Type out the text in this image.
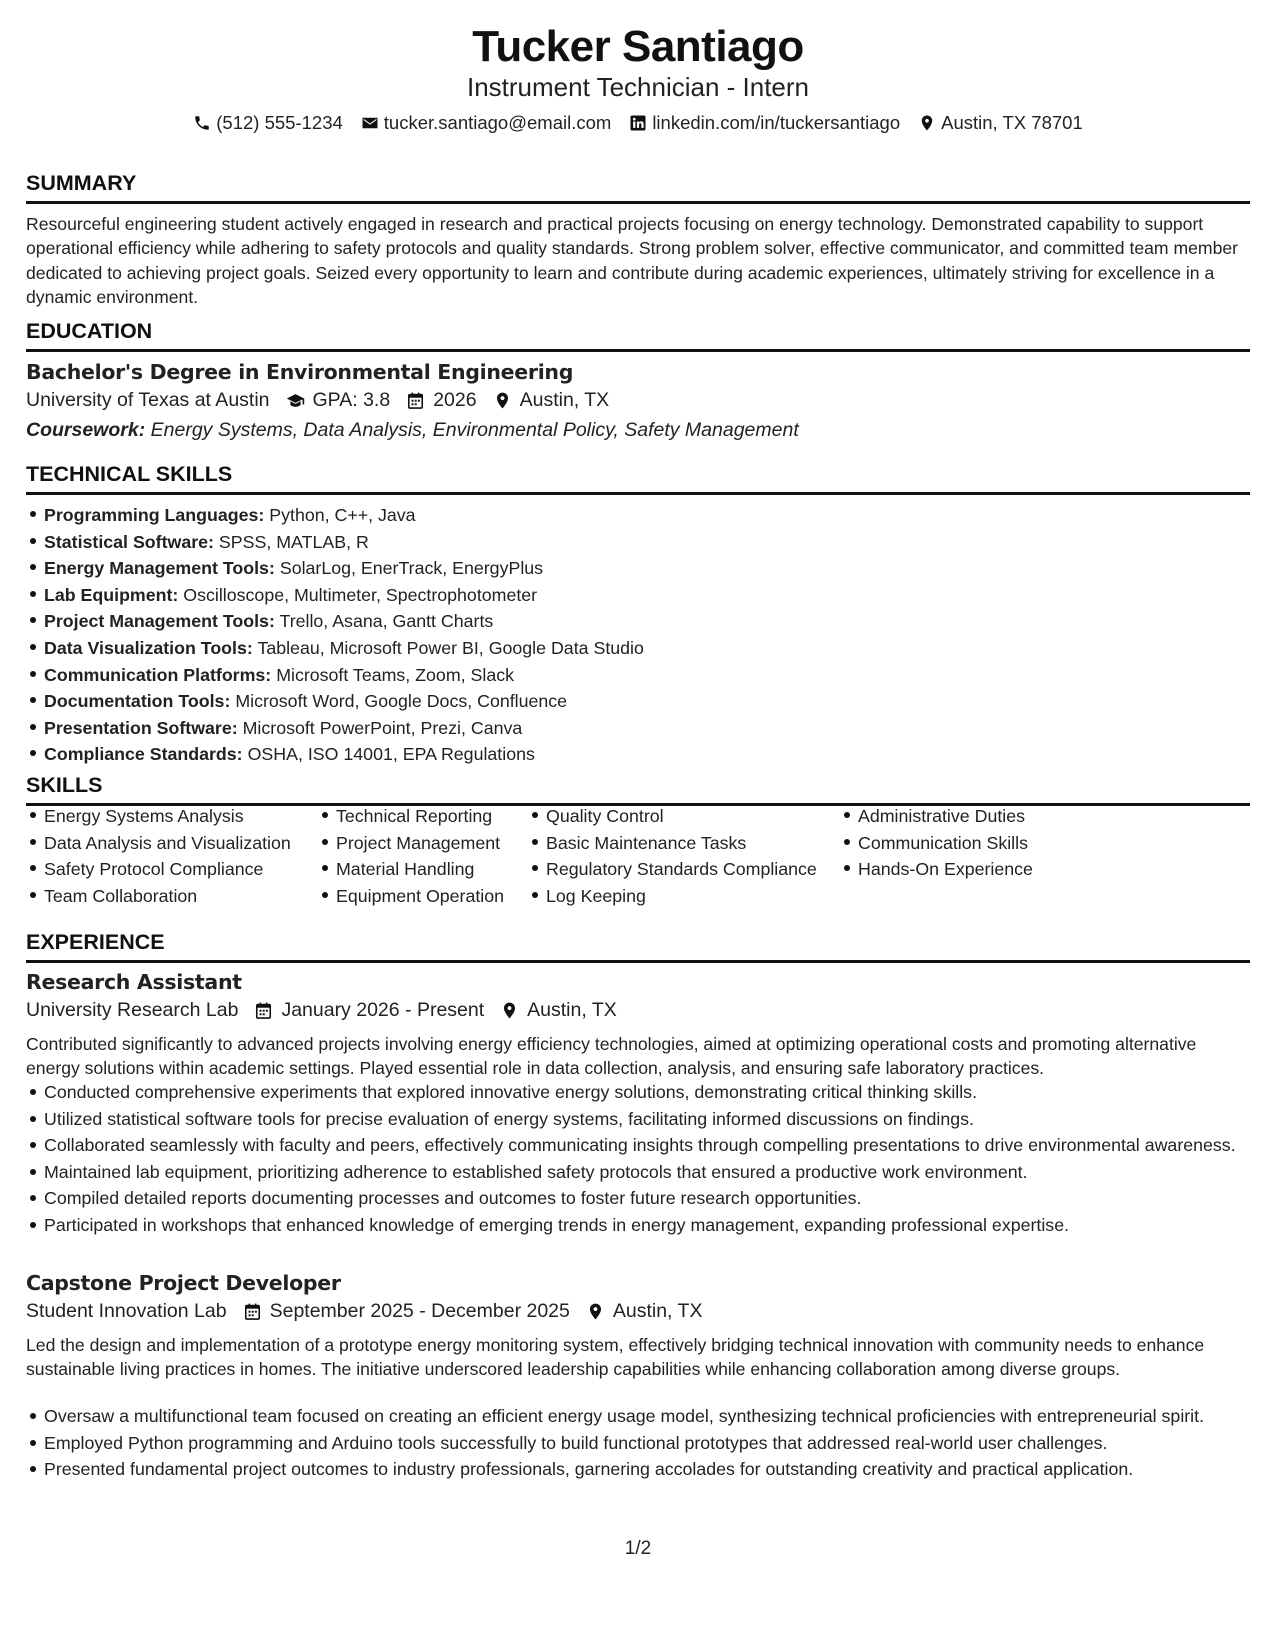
Tucker Santiago
Instrument Technician - Intern
(512) 555-1234 tucker.santiago@email.com linkedin.com/in/tuckersantiago Austin, TX 78701
SUMMARY
Resourceful engineering student actively engaged in research and practical projects focusing on energy technology. Demonstrated capability to support operational efficiency while adhering to safety protocols and quality standards. Strong problem solver, effective communicator, and committed team member dedicated to achieving project goals. Seized every opportunity to learn and contribute during academic experiences, ultimately striving for excellence in a dynamic environment.
EDUCATION
Bachelor's Degree in Environmental Engineering
University of Texas at Austin GPA: 3.8 2026 Austin, TX
Coursework: Energy Systems, Data Analysis, Environmental Policy, Safety Management
TECHNICAL SKILLS
Programming Languages: Python, C++, Java
Statistical Software: SPSS, MATLAB, R
Energy Management Tools: SolarLog, EnerTrack, EnergyPlus
Lab Equipment: Oscilloscope, Multimeter, Spectrophotometer
Project Management Tools: Trello, Asana, Gantt Charts
Data Visualization Tools: Tableau, Microsoft Power BI, Google Data Studio
Communication Platforms: Microsoft Teams, Zoom, Slack
Documentation Tools: Microsoft Word, Google Docs, Confluence
Presentation Software: Microsoft PowerPoint, Prezi, Canva
Compliance Standards: OSHA, ISO 14001, EPA Regulations
SKILLS
Energy Systems Analysis
Data Analysis and Visualization
Safety Protocol Compliance
Team Collaboration
Technical Reporting
Project Management
Material Handling
Equipment Operation
Quality Control
Basic Maintenance Tasks
Regulatory Standards Compliance
Log Keeping
Administrative Duties
Communication Skills
Hands-On Experience
EXPERIENCE
Research Assistant
University Research Lab January 2026 - Present Austin, TX
Contributed significantly to advanced projects involving energy efficiency technologies, aimed at optimizing operational costs and promoting alternative energy solutions within academic settings. Played essential role in data collection, analysis, and ensuring safe laboratory practices.
Conducted comprehensive experiments that explored innovative energy solutions, demonstrating critical thinking skills.
Utilized statistical software tools for precise evaluation of energy systems, facilitating informed discussions on findings.
Collaborated seamlessly with faculty and peers, effectively communicating insights through compelling presentations to drive environmental awareness.
Maintained lab equipment, prioritizing adherence to established safety protocols that ensured a productive work environment.
Compiled detailed reports documenting processes and outcomes to foster future research opportunities.
Participated in workshops that enhanced knowledge of emerging trends in energy management, expanding professional expertise.
Capstone Project Developer
Student Innovation Lab September 2025 - December 2025 Austin, TX
Led the design and implementation of a prototype energy monitoring system, effectively bridging technical innovation with community needs to enhance sustainable living practices in homes. The initiative underscored leadership capabilities while enhancing collaboration among diverse groups.
Oversaw a multifunctional team focused on creating an efficient energy usage model, synthesizing technical proficiencies with entrepreneurial spirit.
Employed Python programming and Arduino tools successfully to build functional prototypes that addressed real-world user challenges.
Presented fundamental project outcomes to industry professionals, garnering accolades for outstanding creativity and practical application.
1/2
